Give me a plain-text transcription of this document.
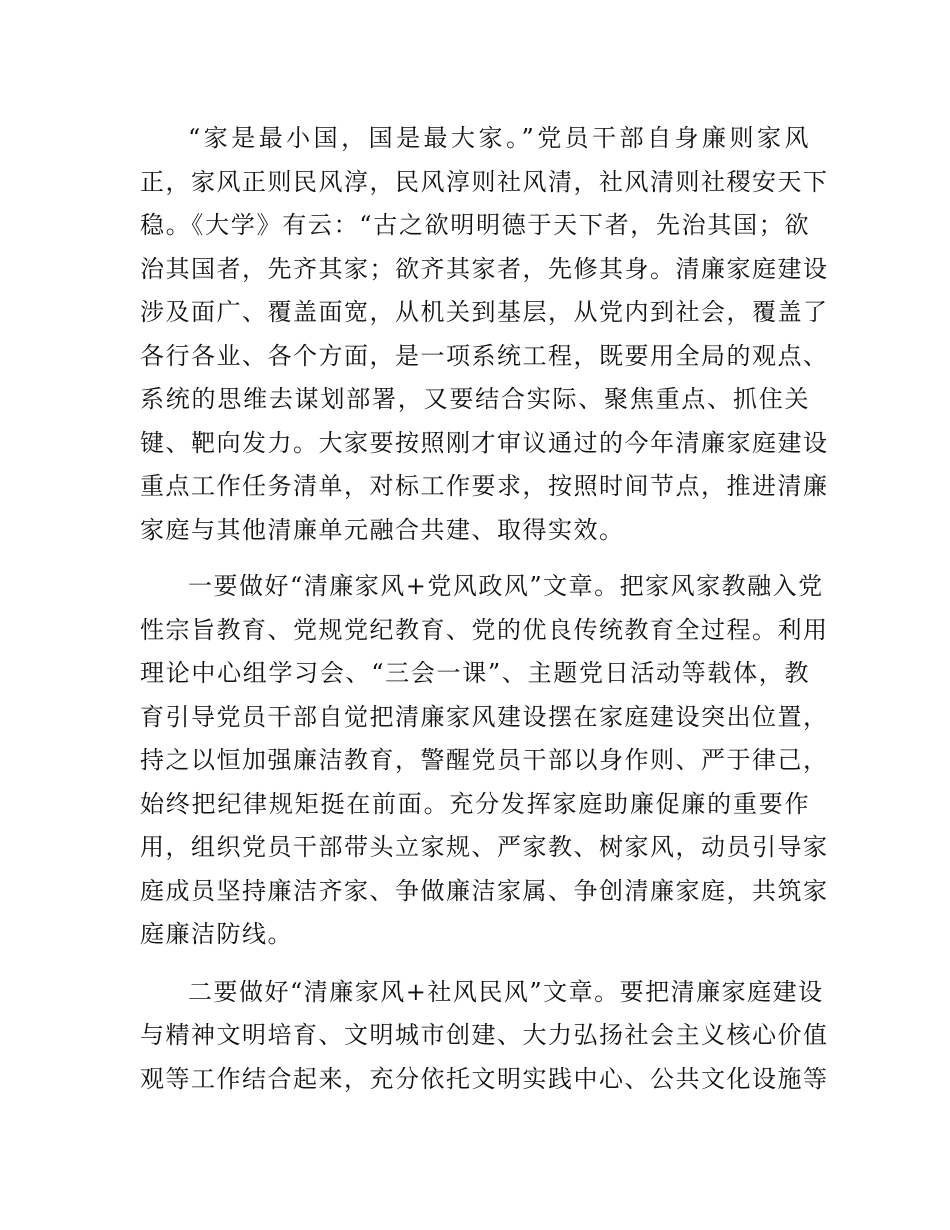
“家是最小国，国是最大家。”党员干部自身廉则家风
正，家风正则民风淳，民风淳则社风清，社风清则社稷安天下
稳。《大学》有云：“古之欲明明德于天下者，先治其国；欲
治其国者，先齐其家；欲齐其家者，先修其身。清廉家庭建设
涉及面广、覆盖面宽，从机关到基层，从党内到社会，覆盖了
各行各业、各个方面，是一项系统工程，既要用全局的观点、
系统的思维去谋划部署，又要结合实际、聚焦重点、抓住关
键、靶向发力。大家要按照刚才审议通过的今年清廉家庭建设
重点工作任务清单，对标工作要求，按照时间节点，推进清廉
家庭与其他清廉单元融合共建、取得实效。

一要做好“清廉家风+党风政风”文章。把家风家教融入党
性宗旨教育、党规党纪教育、党的优良传统教育全过程。利用
理论中心组学习会、“三会一课”、主题党日活动等载体，教
育引导党员干部自觉把清廉家风建设摆在家庭建设突出位置，
持之以恒加强廉洁教育，警醒党员干部以身作则、严于律己，
始终把纪律规矩挺在前面。充分发挥家庭助廉促廉的重要作
用，组织党员干部带头立家规、严家教、树家风，动员引导家
庭成员坚持廉洁齐家、争做廉洁家属、争创清廉家庭，共筑家
庭廉洁防线。

二要做好“清廉家风+社风民风”文章。要把清廉家庭建设
与精神文明培育、文明城市创建、大力弘扬社会主义核心价值
观等工作结合起来，充分依托文明实践中心、公共文化设施等
